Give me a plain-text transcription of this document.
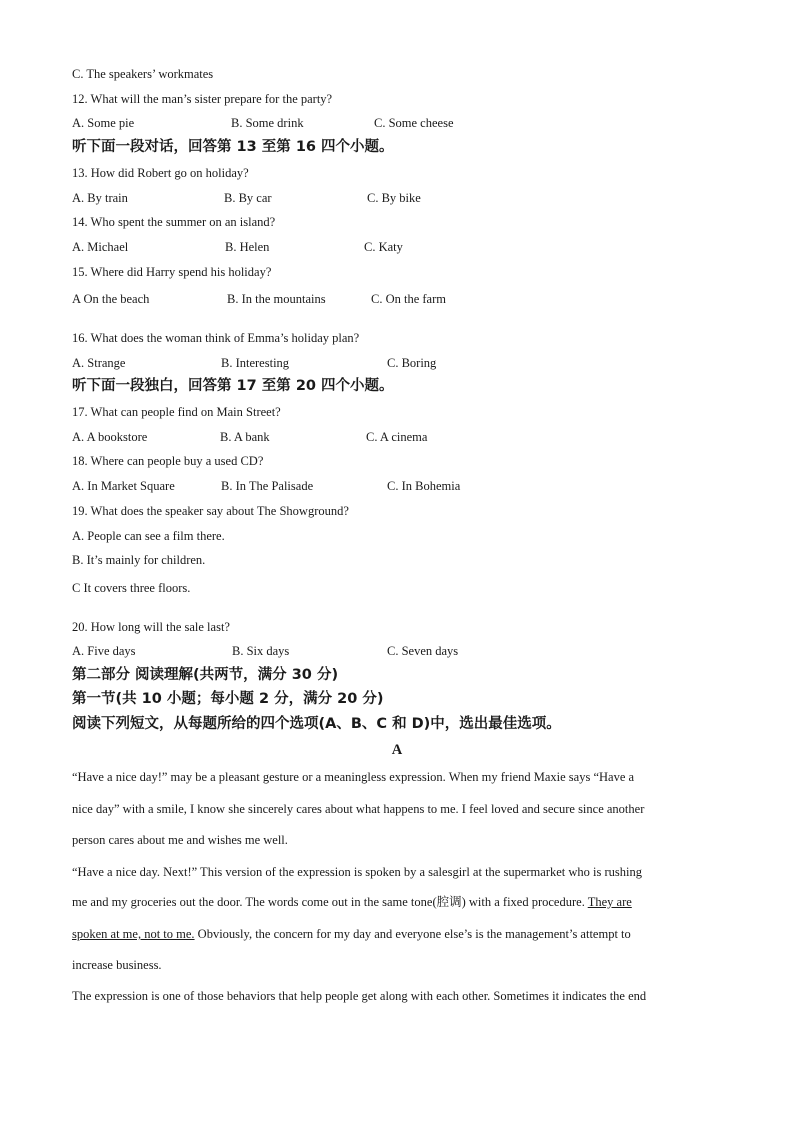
C. The speakers’ workmates
12. What will the man’s sister prepare for the party?
A. Some pie	B. Some drink	C. Some cheese
听下面一段对话，回答第 13 至第 16 四个小题。
13. How did Robert go on holiday?
A. By train	B. By car	C. By bike
14. Who spent the summer on an island?
A. Michael	B. Helen	C. Katy
15. Where did Harry spend his holiday?
A On the beach	B. In the mountains	C. On the farm
16. What does the woman think of Emma’s holiday plan?
A. Strange	B. Interesting	C. Boring
听下面一段独白，回答第 17 至第 20 四个小题。
17. What can people find on Main Street?
A. A bookstore	B. A bank	C. A cinema
18. Where can people buy a used CD?
A. In Market Square	B. In The Palisade	C. In Bohemia
19. What does the speaker say about The Showground?
A. People can see a film there.
B. It’s mainly for children.
C It covers three floors.
20. How long will the sale last?
A. Five days	B. Six days	C. Seven days
第二部分 阅读理解(共两节，满分 30 分)
第一节(共 10 小题；每小题 2 分，满分 20 分)
阅读下列短文，从每题所给的四个选项(A、B、C 和 D)中，选出最佳选项。
A
“Have a nice day!” may be a pleasant gesture or a meaningless expression. When my friend Maxie says “Have a
nice day” with a smile, I know she sincerely cares about what happens to me. I feel loved and secure since another
person cares about me and wishes me well.
“Have a nice day. Next!” This version of the expression is spoken by a salesgirl at the supermarket who is rushing
me and my groceries out the door. The words come out in the same tone(腔调) with a fixed procedure. They are
spoken at me, not to me. Obviously, the concern for my day and everyone else’s is the management’s attempt to
increase business.
The expression is one of those behaviors that help people get along with each other. Sometimes it indicates the end
